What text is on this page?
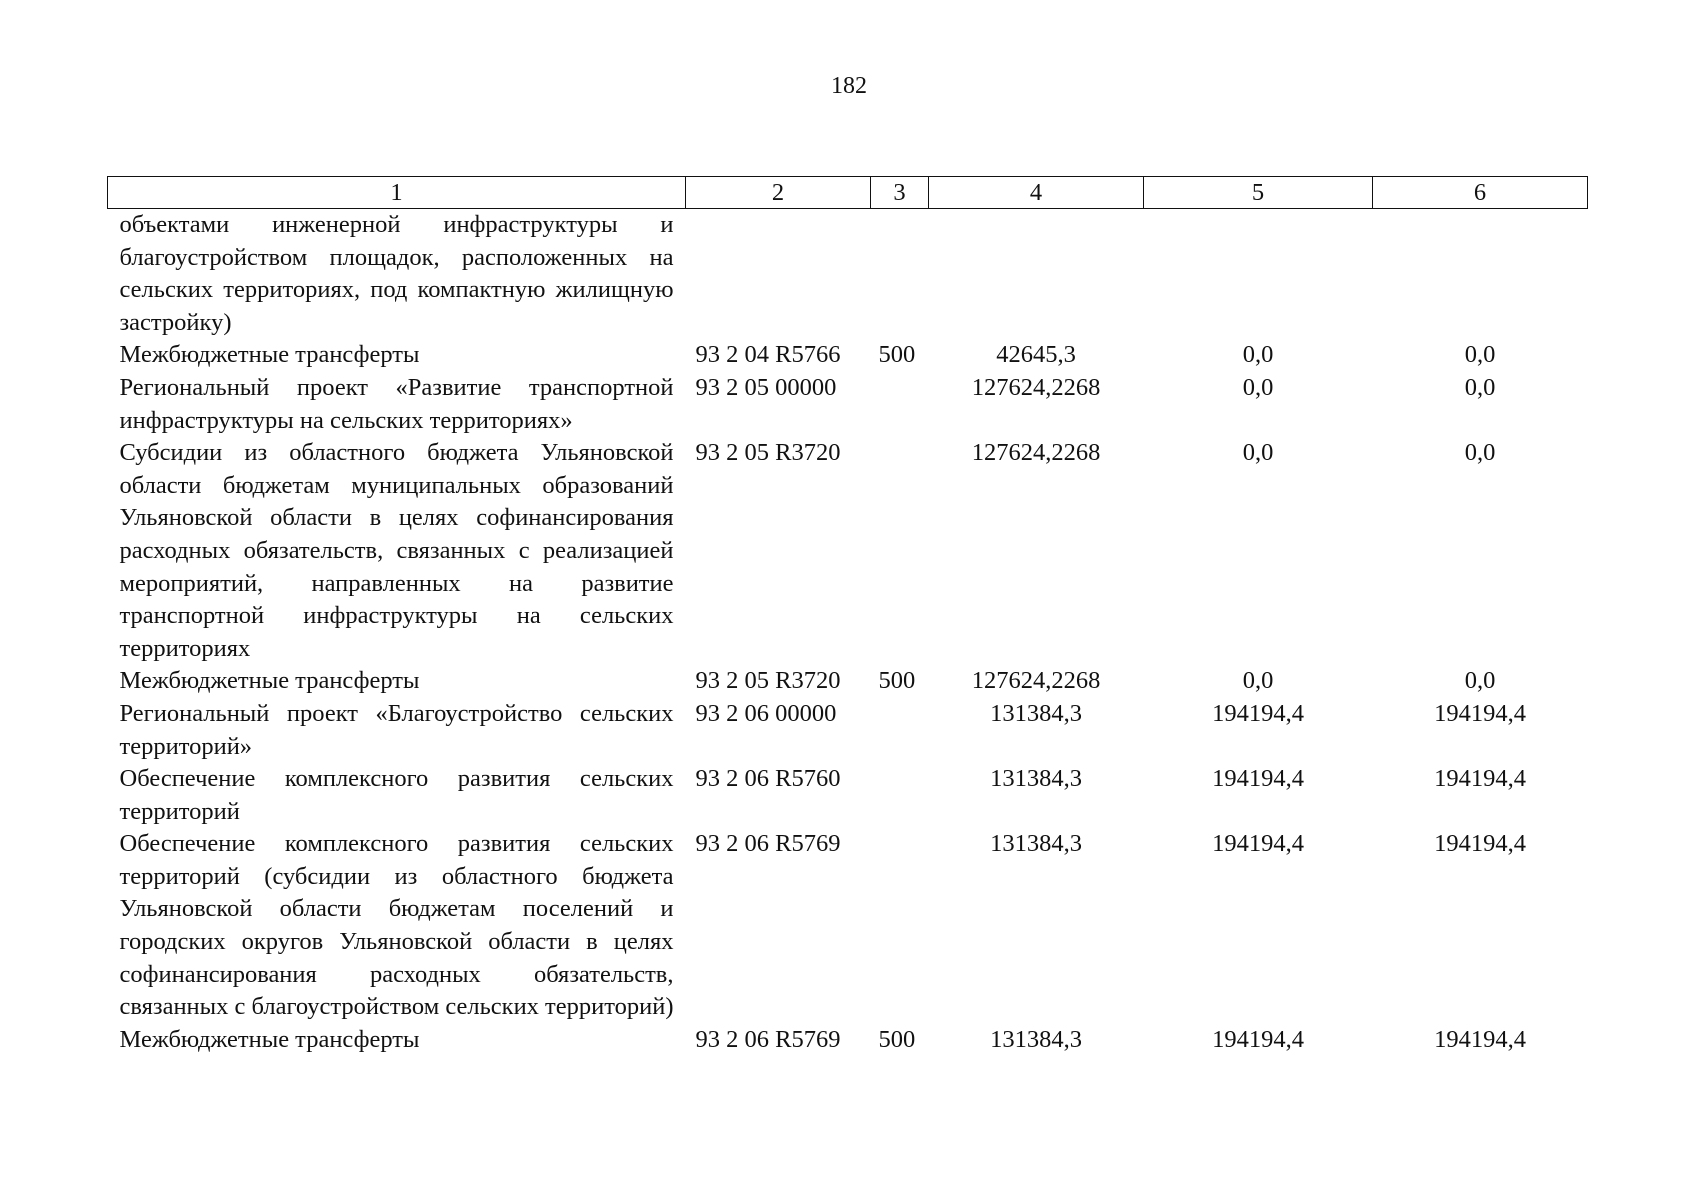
182
1	2	3	4	5	6
объектами инженерной инфраструктуры и благоустройством площадок, расположенных на сельских территориях, под компактную жилищную застройку)					
Межбюджетные трансферты	93 2 04 R5766	500	42645,3	0,0	0,0
Региональный проект «Развитие транспортной инфраструктуры на сельских территориях»	93 2 05 00000		127624,2268	0,0	0,0
Субсидии из областного бюджета Ульяновской области бюджетам муниципальных образований Ульяновской области в целях софинансирования расходных обязательств, связанных с реализацией мероприятий, направленных на развитие транспортной инфраструктуры на сельских территориях	93 2 05 R3720		127624,2268	0,0	0,0
Межбюджетные трансферты	93 2 05 R3720	500	127624,2268	0,0	0,0
Региональный проект «Благоустройство сельских территорий»	93 2 06 00000		131384,3	194194,4	194194,4
Обеспечение комплексного развития сельских территорий	93 2 06 R5760		131384,3	194194,4	194194,4
Обеспечение комплексного развития сельских территорий (субсидии из областного бюджета Ульяновской области бюджетам поселений и городских округов Ульяновской области в целях софинансирования расходных обязательств, связанных с благоустройством сельских территорий)	93 2 06 R5769		131384,3	194194,4	194194,4
Межбюджетные трансферты	93 2 06 R5769	500	131384,3	194194,4	194194,4
